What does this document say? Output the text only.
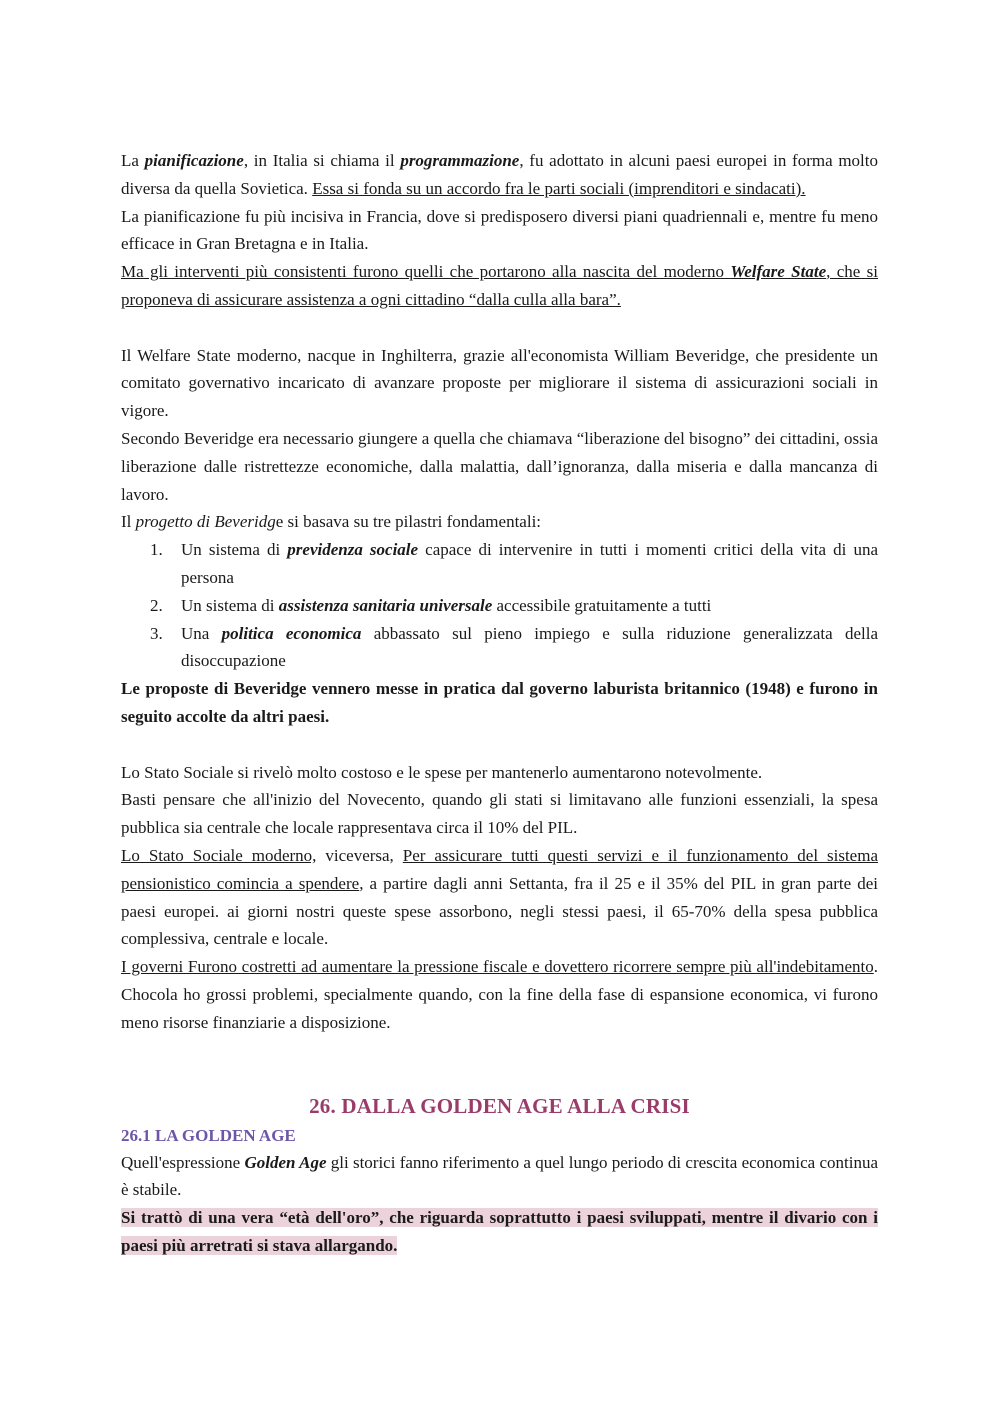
La pianificazione, in Italia si chiama il programmazione, fu adottato in alcuni paesi europei in forma molto diversa da quella Sovietica. Essa si fonda su un accordo fra le parti sociali (imprenditori e sindacati).

La pianificazione fu più incisiva in Francia, dove si predisposero diversi piani quadriennali e, mentre fu meno efficace in Gran Bretagna e in Italia.

Ma gli interventi più consistenti furono quelli che portarono alla nascita del moderno Welfare State, che si proponeva di assicurare assistenza a ogni cittadino “dalla culla alla bara”.

Il Welfare State moderno, nacque in Inghilterra, grazie all'economista William Beveridge, che presidente un comitato governativo incaricato di avanzare proposte per migliorare il sistema di assicurazioni sociali in vigore.

Secondo Beveridge era necessario giungere a quella che chiamava “liberazione del bisogno” dei cittadini, ossia liberazione dalle ristrettezze economiche, dalla malattia, dall’ignoranza, dalla miseria e dalla mancanza di lavoro.

Il progetto di Beveridge si basava su tre pilastri fondamentali:

1. Un sistema di previdenza sociale capace di intervenire in tutti i momenti critici della vita di una persona
2. Un sistema di assistenza sanitaria universale accessibile gratuitamente a tutti
3. Una politica economica abbassato sul pieno impiego e sulla riduzione generalizzata della disoccupazione

Le proposte di Beveridge vennero messe in pratica dal governo laburista britannico (1948) e furono in seguito accolte da altri paesi.

Lo Stato Sociale si rivelò molto costoso e le spese per mantenerlo aumentarono notevolmente.

Basti pensare che all'inizio del Novecento, quando gli stati si limitavano alle funzioni essenziali, la spesa pubblica sia centrale che locale rappresentava circa il 10% del PIL.

Lo Stato Sociale moderno, viceversa, Per assicurare tutti questi servizi e il funzionamento del sistema pensionistico comincia a spendere, a partire dagli anni Settanta, fra il 25 e il 35% del PIL in gran parte dei paesi europei. ai giorni nostri queste spese assorbono, negli stessi paesi, il 65-70% della spesa pubblica complessiva, centrale e locale.

I governi Furono costretti ad aumentare la pressione fiscale e dovettero ricorrere sempre più all'indebitamento. Chocola ho grossi problemi, specialmente quando, con la fine della fase di espansione economica, vi furono meno risorse finanziarie a disposizione.

26. DALLA GOLDEN AGE ALLA CRISI
26.1 LA GOLDEN AGE

Quell'espressione Golden Age gli storici fanno riferimento a quel lungo periodo di crescita economica continua è stabile.

Si trattò di una vera “età dell'oro”, che riguarda soprattutto i paesi sviluppati, mentre il divario con i paesi più arretrati si stava allargando.
